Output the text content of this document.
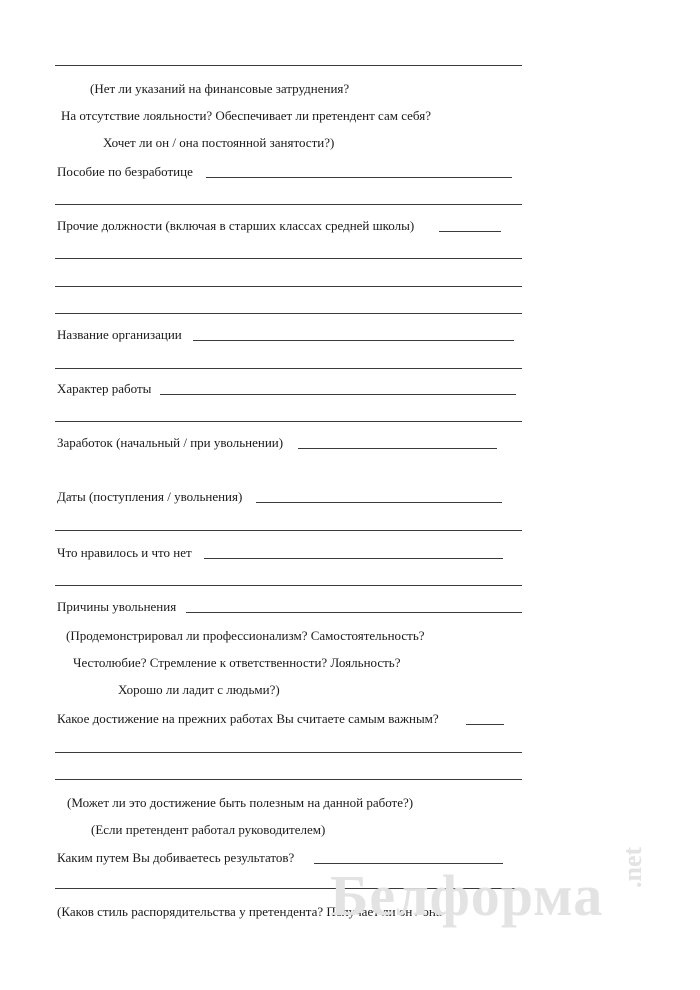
(Нет ли указаний на финансовые затруднения?
На отсутствие лояльности? Обеспечивает ли претендент сам себя?
Хочет ли он / она постоянной занятости?)
Пособие по безработице
Прочие должности (включая в старших классах средней школы)
Название организации
Характер работы
Заработок (начальный / при увольнении)
Даты (поступления / увольнения)
Что нравилось и что нет
Причины увольнения
(Продемонстрировал ли профессионализм? Самостоятельность?
Честолюбие? Стремление к ответственности? Лояльность?
Хорошо ли ладит с людьми?)
Какое достижение на прежних работах Вы считаете самым важным?
(Может ли это достижение быть полезным на данной работе?)
(Если претендент работал руководителем)
Каким путем Вы добиваетесь результатов?
(Каков стиль распорядительства у претендента? Получает ли он / она
Белформа .net
